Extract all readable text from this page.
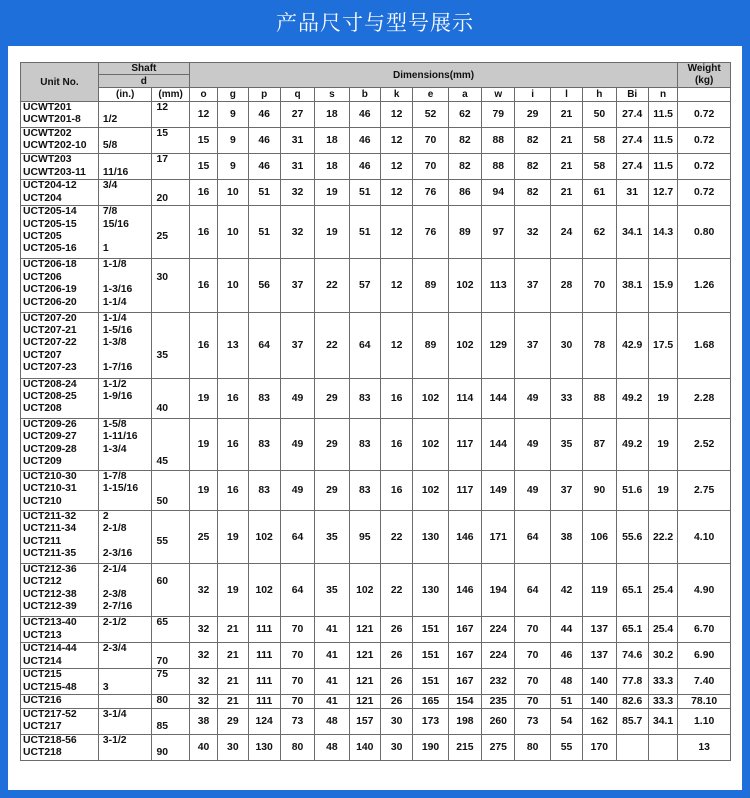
产品尺寸与型号展示
Unit No.	Shaft		Dimensions(mm)															Weight
(kg)

	d																	
	(in.)	(mm)	o	g	p	q	s	b	k	e	a	w	i	l	h	Bi	n	

UCWT201
UCWT201-8	1/2	12	12	9	46	27	18	46	12	52	62	79	29	21	50	27.4	11.5	0.72

UCWT202
UCWT202-10	5/8	15	15	9	46	31	18	46	12	70	82	88	82	21	58	27.4	11.5	0.72

UCWT203
UCWT203-11	11/16	17	15	9	46	31	18	46	12	70	82	88	82	21	58	27.4	11.5	0.72

UCT204-12
UCT204	3/4	20	16	10	51	32	19	51	12	76	86	94	82	21	61	31	12.7	0.72

UCT205-14
UCT205-15
UCT205
UCT205-16	7/8
15/16
1	25	16	10	51	32	19	51	12	76	89	97	32	24	62	34.1	14.3	0.80

UCT206-18
UCT206
UCT206-19
UCT206-20	1-1/8
1-3/16
1-1/4	30	16	10	56	37	22	57	12	89	102	113	37	28	70	38.1	15.9	1.26

UCT207-20
UCT207-21
UCT207-22
UCT207
UCT207-23	1-1/4
1-5/16
1-3/8
1-7/16	35	16	13	64	37	22	64	12	89	102	129	37	30	78	42.9	17.5	1.68

UCT208-24
UCT208-25
UCT208	1-1/2
1-9/16	40	19	16	83	49	29	83	16	102	114	144	49	33	88	49.2	19	2.28

UCT209-26
UCT209-27
UCT209-28
UCT209	1-5/8
1-11/16
1-3/4	45	19	16	83	49	29	83	16	102	117	144	49	35	87	49.2	19	2.52

UCT210-30
UCT210-31
UCT210	1-7/8
1-15/16	50	19	16	83	49	29	83	16	102	117	149	49	37	90	51.6	19	2.75

UCT211-32
UCT211-34
UCT211
UCT211-35	2
2-1/8
2-3/16	55	25	19	102	64	35	95	22	130	146	171	64	38	106	55.6	22.2	4.10

UCT212-36
UCT212
UCT212-38
UCT212-39	2-1/4
2-3/8
2-7/16	60	32	19	102	64	35	102	22	130	146	194	64	42	119	65.1	25.4	4.90

UCT213-40
UCT213	2-1/2	65	32	21	111	70	41	121	26	151	167	224	70	44	137	65.1	25.4	6.70

UCT214-44
UCT214	2-3/4	70	32	21	111	70	41	121	26	151	167	224	70	46	137	74.6	30.2	6.90

UCT215
UCT215-48	3	75	32	21	111	70	41	121	26	151	167	232	70	48	140	77.8	33.3	7.40

UCT216		80	32	21	111	70	41	121	26	165	154	235	70	51	140	82.6	33.3	78.10

UCT217-52
UCT217	3-1/4	85	38	29	124	73	48	157	30	173	198	260	73	54	162	85.7	34.1	1.10

UCT218-56
UCT218	3-1/2	90	40	30	130	80	48	140	30	190	215	275	80	55	170			13
